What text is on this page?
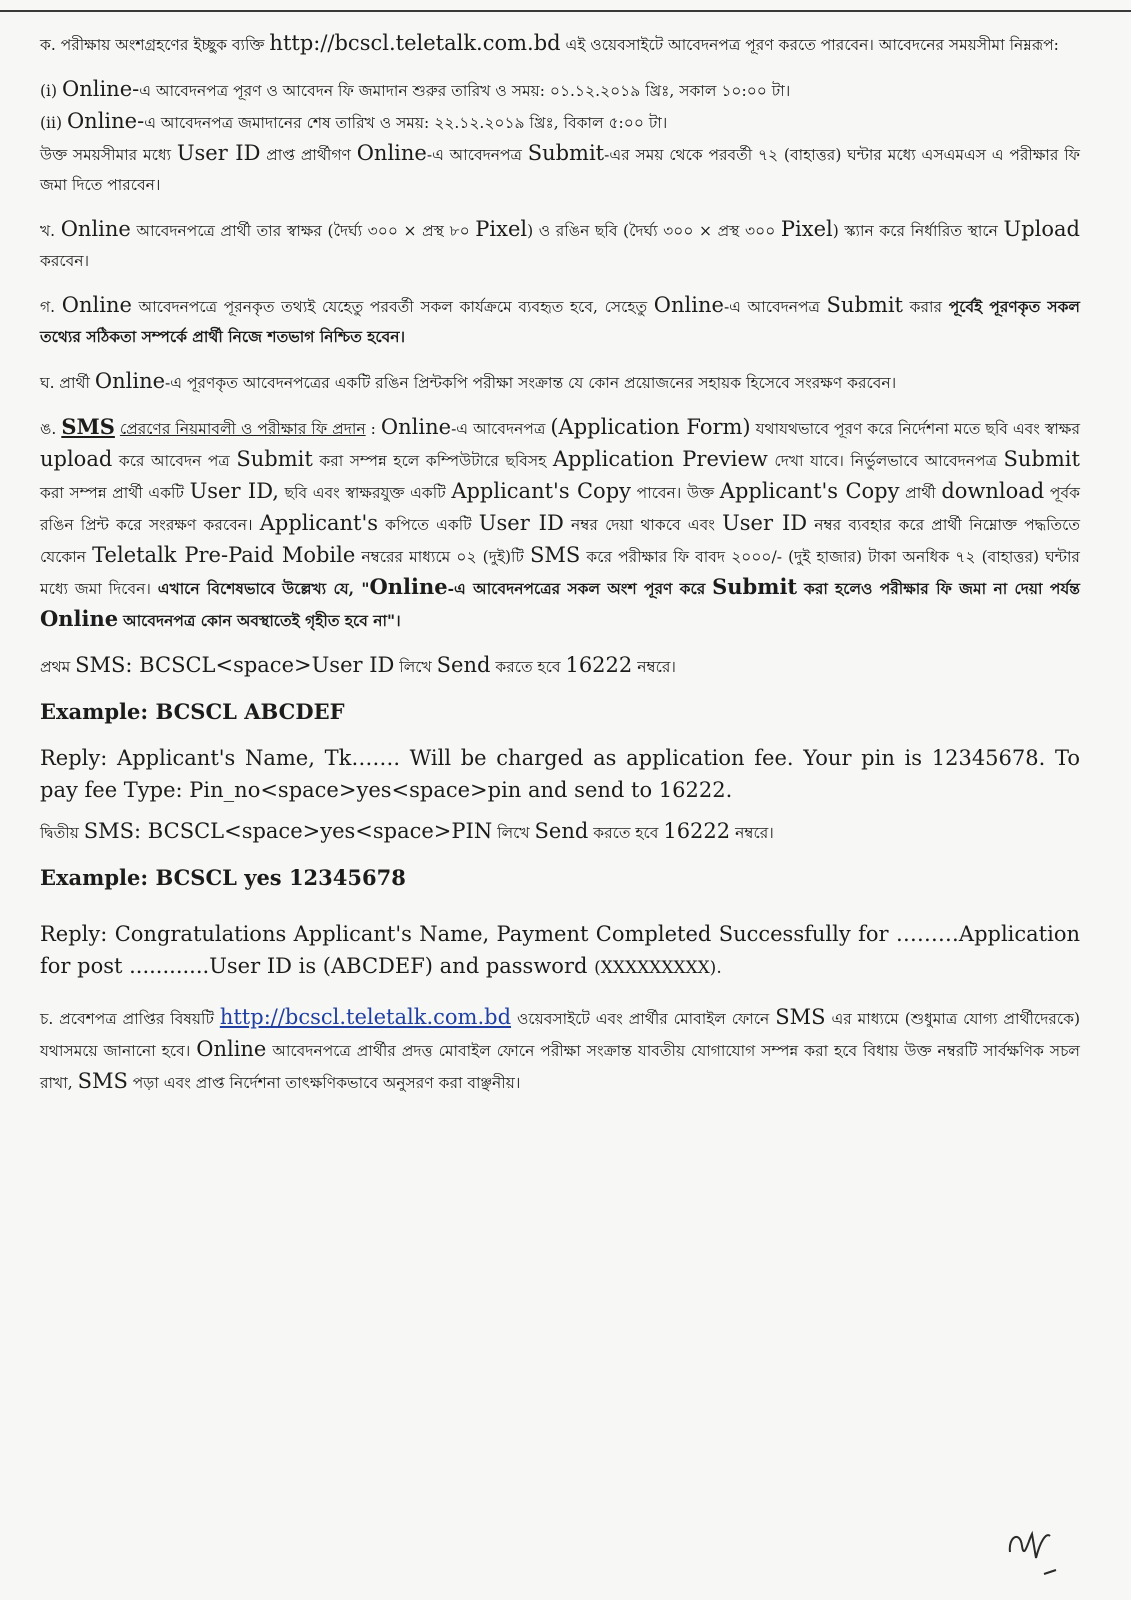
ক. পরীক্ষায় অংশগ্রহণের ইচ্ছুক ব্যক্তি http://bcscl.teletalk.com.bd এই ওয়েবসাইটে আবেদনপত্র পূরণ করতে পারবেন। আবেদনের সময়সীমা নিম্নরূপ:

(i) Online-এ আবেদনপত্র পূরণ ও আবেদন ফি জমাদান শুরুর তারিখ ও সময়: ০১.১২.২০১৯ খ্রিঃ, সকাল ১০:০০ টা।

(ii) Online-এ আবেদনপত্র জমাদানের শেষ তারিখ ও সময়: ২২.১২.২০১৯ খ্রিঃ, বিকাল ৫:০০ টা।

উক্ত সময়সীমার মধ্যে User ID প্রাপ্ত প্রার্থীগণ Online-এ আবেদনপত্র Submit-এর সময় থেকে পরবর্তী ৭২ (বাহাত্তর) ঘন্টার মধ্যে এসএমএস এ পরীক্ষার ফি জমা দিতে পারবেন।

খ. Online আবেদনপত্রে প্রার্থী তার স্বাক্ষর (দৈর্ঘ্য ৩০০ × প্রস্থ ৮০ Pixel) ও রঙিন ছবি (দৈর্ঘ্য ৩০০ × প্রস্থ ৩০০ Pixel) স্ক্যান করে নির্ধারিত স্থানে Upload করবেন।

গ. Online আবেদনপত্রে পূরনকৃত তথ্যই যেহেতু পরবর্তী সকল কার্যক্রমে ব্যবহৃত হবে, সেহেতু Online-এ আবেদনপত্র Submit করার পূর্বেই পূরণকৃত সকল তথ্যের সঠিকতা সম্পর্কে প্রার্থী নিজে শতভাগ নিশ্চিত হবেন।

ঘ. প্রার্থী Online-এ পূরণকৃত আবেদনপত্রের একটি রঙিন প্রিন্টকপি পরীক্ষা সংক্রান্ত যে কোন প্রয়োজনের সহায়ক হিসেবে সংরক্ষণ করবেন।

ঙ. SMS প্রেরণের নিয়মাবলী ও পরীক্ষার ফি প্রদান : Online-এ আবেদনপত্র (Application Form) যথাযথভাবে পূরণ করে নির্দেশনা মতে ছবি এবং স্বাক্ষর upload করে আবেদন পত্র Submit করা সম্পন্ন হলে কম্পিউটারে ছবিসহ Application Preview দেখা যাবে। নির্ভুলভাবে আবেদনপত্র Submit করা সম্পন্ন প্রার্থী একটি User ID, ছবি এবং স্বাক্ষরযুক্ত একটি Applicant's Copy পাবেন। উক্ত Applicant's Copy প্রার্থী download পূর্বক রঙিন প্রিন্ট করে সংরক্ষণ করবেন। Applicant's কপিতে একটি User ID নম্বর দেয়া থাকবে এবং User ID নম্বর ব্যবহার করে প্রার্থী নিম্নোক্ত পদ্ধতিতে যেকোন Teletalk Pre-Paid Mobile নম্বরের মাধ্যমে ০২ (দুই)টি SMS করে পরীক্ষার ফি বাবদ ২০০০/- (দুই হাজার) টাকা অনধিক ৭২ (বাহাত্তর) ঘন্টার মধ্যে জমা দিবেন। এখানে বিশেষভাবে উল্লেখ্য যে, "Online-এ আবেদনপত্রের সকল অংশ পূরণ করে Submit করা হলেও পরীক্ষার ফি জমা না দেয়া পর্যন্ত Online আবেদনপত্র কোন অবস্থাতেই গৃহীত হবে না"।

প্রথম SMS: BCSCL<space>User ID লিখে Send করতে হবে 16222 নম্বরে।

Example: BCSCL ABCDEF

Reply: Applicant's Name, Tk……. Will be charged as application fee. Your pin is 12345678. To pay fee Type: Pin_no<space>yes<space>pin and send to 16222.

দ্বিতীয় SMS: BCSCL<space>yes<space>PIN লিখে Send করতে হবে 16222 নম্বরে।

Example: BCSCL yes 12345678

Reply: Congratulations Applicant's Name, Payment Completed Successfully for ………Application for post ............User ID is (ABCDEF) and password (XXXXXXXXX).

চ. প্রবেশপত্র প্রাপ্তির বিষয়টি http://bcscl.teletalk.com.bd ওয়েবসাইটে এবং প্রার্থীর মোবাইল ফোনে SMS এর মাধ্যমে (শুধুমাত্র যোগ্য প্রার্থীদেরকে) যথাসময়ে জানানো হবে। Online আবেদনপত্রে প্রার্থীর প্রদত্ত মোবাইল ফোনে পরীক্ষা সংক্রান্ত যাবতীয় যোগাযোগ সম্পন্ন করা হবে বিধায় উক্ত নম্বরটি সার্বক্ষণিক সচল রাখা, SMS পড়া এবং প্রাপ্ত নির্দেশনা তাৎক্ষণিকভাবে অনুসরণ করা বাঞ্ছনীয়।
